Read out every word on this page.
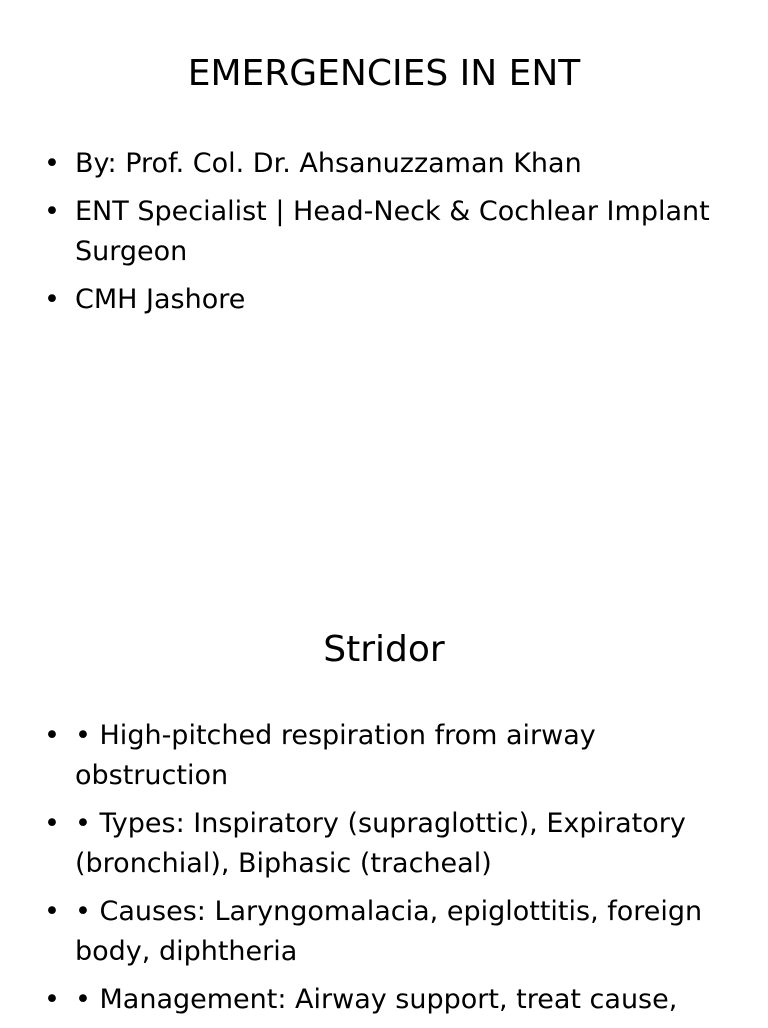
EMERGENCIES IN ENT
• By: Prof. Col. Dr. Ahsanuzzaman Khan
• ENT Specialist | Head-Neck & Cochlear Implant Surgeon
• CMH Jashore
Stridor
• • High-pitched respiration from airway obstruction
• • Types: Inspiratory (supraglottic), Expiratory (bronchial), Biphasic (tracheal)
• • Causes: Laryngomalacia, epiglottitis, foreign body, diphtheria
• • Management: Airway support, treat cause,
